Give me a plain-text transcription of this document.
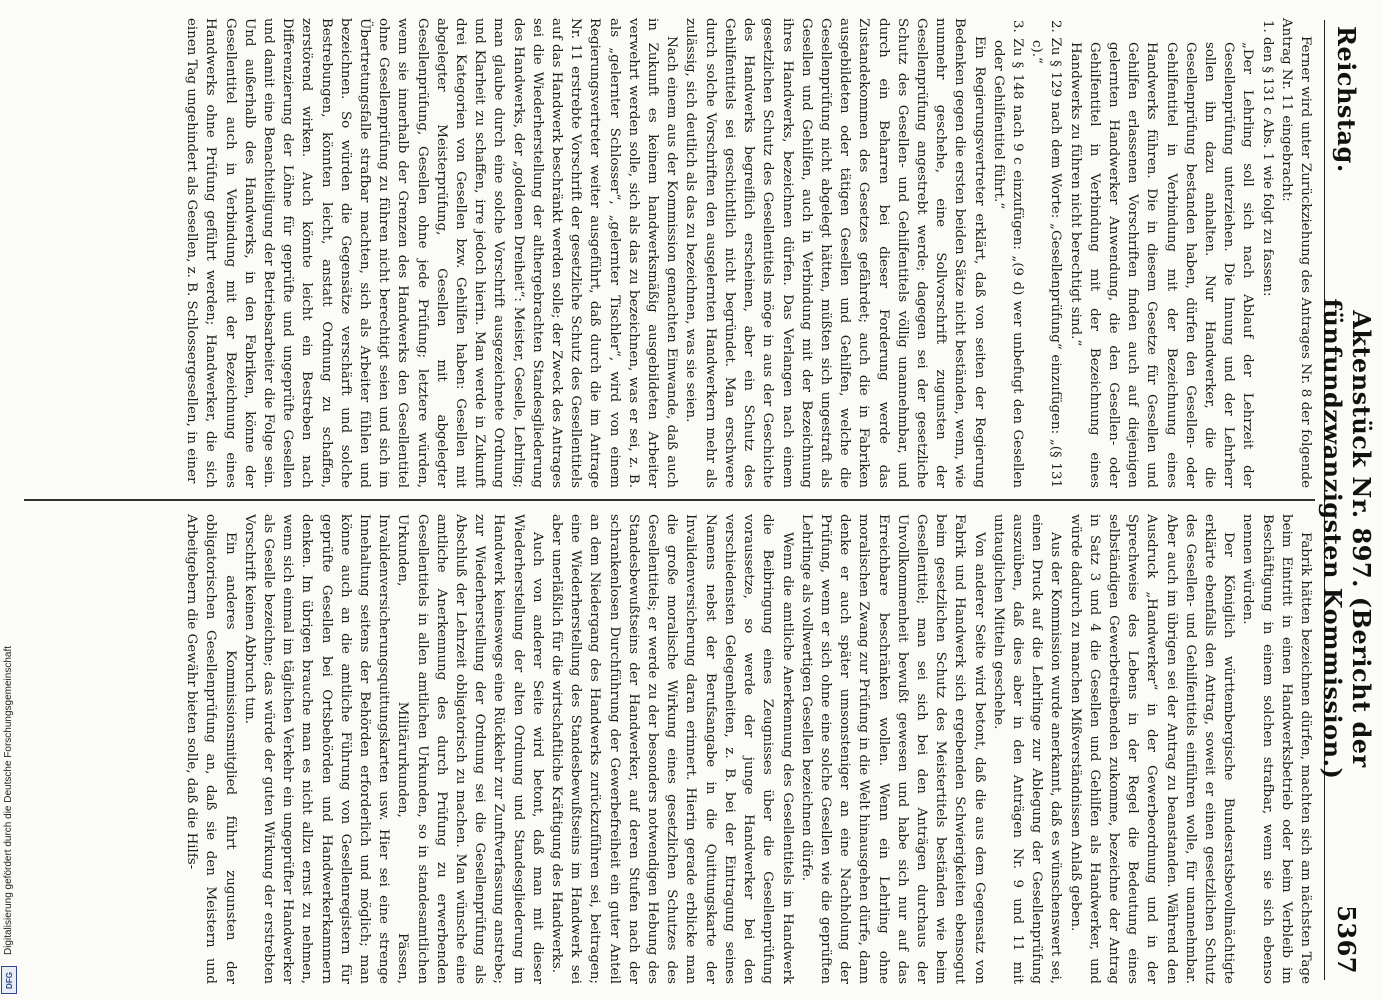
Reichstag.
Aktenstück Nr. 897. (Bericht der fünfundzwanzigsten Kommission.)
5367

Ferner wird unter Zurückziehung des Antrages Nr. 8 der folgende Antrag Nr. 11 eingebracht:

1. den § 131 c Abs. 1 wie folgt zu fassen:

„Der Lehrling soll sich nach Ablauf der Lehrzeit der Gesellenprüfung unterziehen. Die Innung und der Lehrherr sollen ihn dazu anhalten. Nur Handwerker, die die Gesellenprüfung bestanden haben, dürfen den Gesellen- oder Gehilfentitel in Verbindung mit der Bezeichnung eines Handwerks führen. Die in diesem Gesetze für Gesellen und Gehilfen erlassenen Vorschriften finden auch auf diejenigen gelernten Handwerker Anwendung, die den Gesellen- oder Gehilfentitel in Verbindung mit der Bezeichnung eines Handwerks zu führen nicht berechtigt sind.“

2. Zu § 129 nach dem Worte: „Gesellenprüfung“ einzufügen: „(§ 131 c).“

3. Zu § 148 nach 9 c einzufügen: „(9 d) wer unbefugt den Gesellen oder Gehilfentitel führt.“

Ein Regierungsvertreter erklärt, daß von seiten der Regierung Bedenken gegen die ersten beiden Sätze nicht beständen, wenn, wie nunmehr geschehe, eine Sollvorschrift zugunsten der Gesellenprüfung angestrebt werde; dagegen sei der gesetzliche Schutz des Gesellen- und Gehilfentitels völlig unannehmbar, und durch ein Beharren bei dieser Forderung werde das Zustandekommen des Gesetzes gefährdet; auch die in Fabriken ausgebildeten oder tätigen Gesellen und Gehilfen, welche die Gesellenprüfung nicht abgelegt hätten, müßten sich ungestraft als Gesellen und Gehilfen, auch in Verbindung mit der Bezeichnung ihres Handwerks, bezeichnen dürfen. Das Verlangen nach einem gesetzlichen Schutz des Gesellentitels möge in aus der Geschichte des Handwerks begreiflich erscheinen, aber ein Schutz des Gehilfentitels sei geschichtlich nicht begründet. Man erschwere durch solche Vorschriften den ausgelernten Handwerkern mehr als zulässig, sich deutlich als das zu bezeichnen, was sie seien.

Nach einem aus der Kommission gemachten Einwande, daß auch in Zukunft es keinem handwerksmäßig ausgebildeten Arbeiter verwehrt werden solle, sich als das zu bezeichnen, was er sei, z. B. als „gelernter Schlosser“, „gelernter Tischler“, wird von einem Regierungsvertreter weiter ausgeführt, daß durch die im Antrage Nr. 11 erstrebte Vorschrift der gesetzliche Schutz des Gesellentitels auf das Handwerk beschränkt werden solle; der Zweck des Antrages sei die Wiederherstellung der althergebrachten Standesgliederung des Handwerks, der „goldenen Dreiheit“: Meister, Geselle, Lehrling; man glaube durch eine solche Vorschrift ausgezeichnete Ordnung und Klarheit zu schaffen, irre jedoch hierin. Man werde in Zukunft drei Kategorien von Gesellen bzw. Gehilfen haben: Gesellen mit abgelegter Meisterprüfung, Gesellen mit abgelegter Gesellenprüfung, Gesellen ohne jede Prüfung; letztere würden, wenn sie innerhalb der Grenzen des Handwerks den Gesellentitel ohne Gesellenprüfung zu führen nicht berechtigt seien und sich im Übertretungsfalle strafbar machten, sich als Arbeiter fühlen und bezeichnen. So würden die Gegensätze verschärft und solche Bestrebungen, könnten leicht, anstatt Ordnung zu schaffen, zerstörend wirken. Auch könnte leicht ein Bestreben nach Differenzierung der Löhne für geprüfte und ungeprüfte Gesellen und damit eine Benachteiligung der Betriebsarbeiter die Folge sein. Und außerhalb des Handwerks, in den Fabriken, könne der Gesellentitel auch in Verbindung mit der Bezeichnung eines Handwerks ohne Prüfung geführt werden; Handwerker, die sich einen Tag ungehindert als Gesellen, z. B. Schlossergesellen, in einer

Fabrik hätten bezeichnen dürfen, machten sich am nächsten Tage beim Eintritt in einen Handwerksbetrieb oder beim Verbleib im Beschäftigung in einem solchen strafbar, wenn sie sich ebenso nennen würden.

Der Königlich württembergische Bundesratsbevollmächtigte erklärte ebenfalls den Antrag, soweit er einen gesetzlichen Schutz des Gesellen- und Gehilfentitels einführen wolle, für unannehmbar. Aber auch im übrigen sei der Antrag zu beanstanden. Während den Ausdruck „Handwerker“ in der Gewerbeordnung und in der Sprechweise des Lebens in der Regel die Bedeutung eines selbständigen Gewerbetreibenden zukomme, bezeichne der Antrag in Satz 3 und 4 die Gesellen und Gehilfen als Handwerker, und würde dadurch zu manchen Mißverständnissen Anlaß geben.

Aus der Kommission wurde anerkannt, daß es wünschenswert sei, einen Druck auf die Lehrlinge zur Ablegung der Gesellenprüfung auszuüben, daß dies aber in den Anträgen Nr. 9 und 11 mit untauglichen Mitteln geschehe.

Von anderer Seite wird betont, daß die aus dem Gegensatz von Fabrik und Handwerk sich ergebenden Schwierigkeiten ebensogut beim gesetzlichen Schutz des Meistertitels beständen wie beim Gesellentitel; man sei sich bei den Anträgen durchaus der Unvollkommenheit bewußt gewesen und habe sich nur auf das Erreichbare beschränken wollen. Wenn ein Lehrling ohne moralischen Zwang zur Prüfung in die Welt hinausgehen dürfe, dann denke er auch später umsonsteniger an eine Nachholung der Prüfung, wenn er sich ohne eine solche Gesellen wie die geprüften Lehrlinge als vollwertigen Gesellen bezeichnen dürfe.

Wenn die amtliche Anerkennung des Gesellentitels im Handwerk die Beibringung eines Zeugnisses über die Gesellenprüfung voraussetze, so werde der junge Handwerker bei den verschiedensten Gelegenheiten, z. B. bei der Eintragung seines Namens nebst der Berufsangabe in die Quittungskarte der Invalidenversicherung daran erinnert. Hierin gerade erblicke man die große moralische Wirkung eines gesetzlichen Schutzes des Gesellentitels; er werde zu der besonders notwendigen Hebung des Standesbewußtseins der Handwerker, auf deren Stufen nach der schrankenlosen Durchführung der Gewerbefreiheit ein guter Anteil an dem Niedergang des Handwerks zurückzuführen sei, beitragen; eine Wiederherstellung des Standesbewußtseins im Handwerk sei aber unerläßlich für die wirtschaftliche Kräftigung des Handwerks.

Auch von anderer Seite wird betont, daß man mit dieser Wiederherstellung der alten Ordnung und Standesgliederung im Handwerk keineswegs eine Rückkehr zur Zunftverfassung anstrebe; zur Wiederherstellung der Ordnung sei die Gesellenprüfung als Abschluß der Lehrzeit obligatorisch zu machen. Man wünsche eine amtliche Anerkennung des durch Prüfung zu erwerbenden Gesellentitels in allen amtlichen Urkunden, so in standesamtlichen Urkunden, Militärurkunden, Pässen, Invalidenversicherungsquittungskarten usw. Hier sei eine strenge Innehaltung seitens der Behörden erforderlich und möglich; man könne auch an die amtliche Führung von Gesellenregistern für geprüfte Gesellen bei Ortsbehörden und Handwerkerkammern denken. Im übrigen brauche man es nicht allzu ernst zu nehmen, wenn sich einmal im täglichen Verkehr ein ungeprüfter Handwerker als Geselle bezeichne; das würde der guten Wirkung der erstrebten Vorschrift keinen Abbruch tun.

Ein anderes Kommissionsmitglied führt zugunsten der obligatorischen Gesellenprüfung an, daß sie den Meistern und Arbeitgebern die Gewähr bieten solle, daß die Hilfs-

Digitalisierung gefördert durch die Deutsche Forschungsgemeinschaft
DFG
